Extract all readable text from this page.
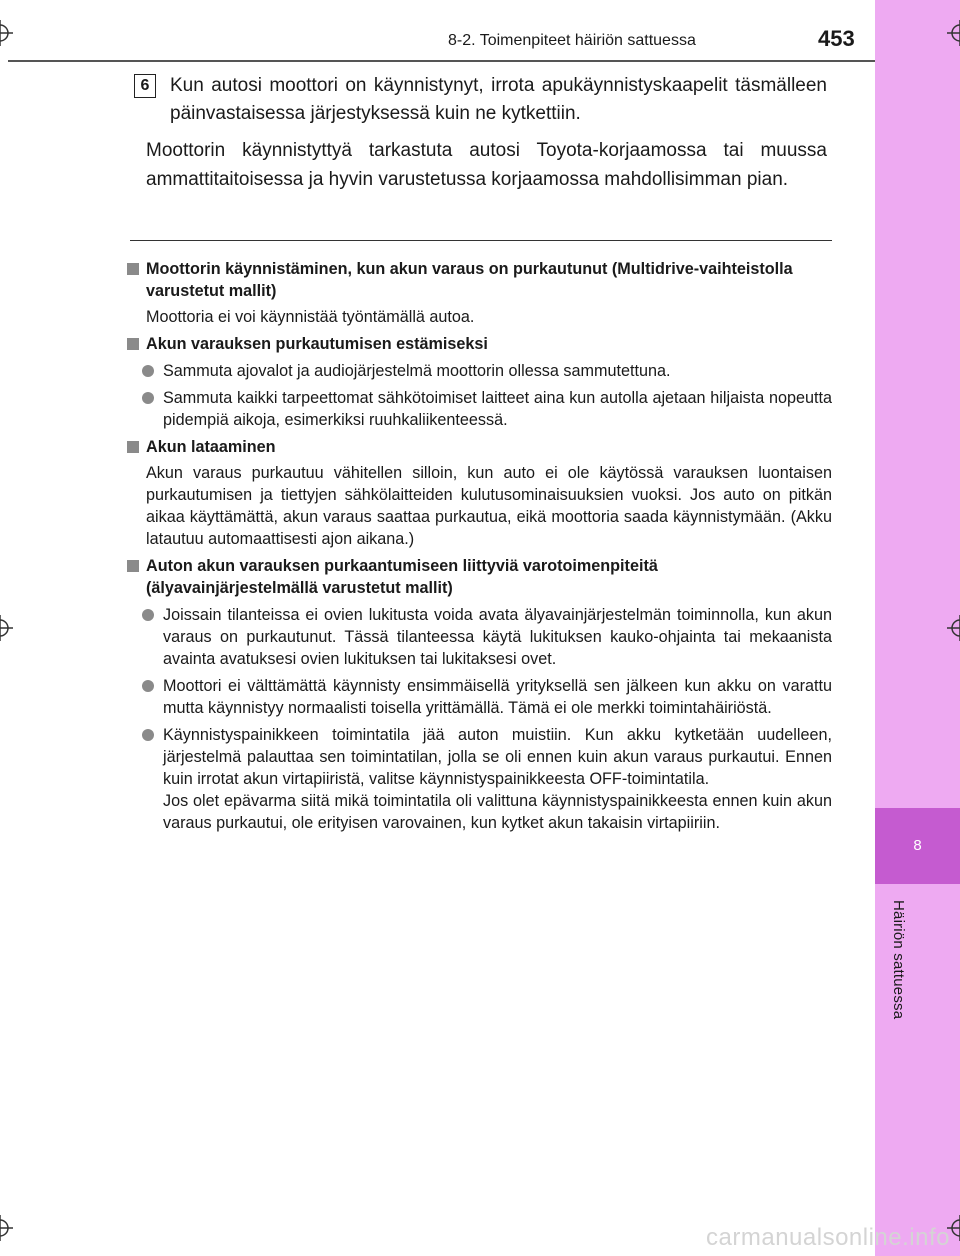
8
Häiriön sattuessa
8-2. Toimenpiteet häiriön sattuessa	453
6	Kun autosi moottori on käynnistynyt, irrota apukäynnistyskaapelit täsmälleen päinvastaisessa järjestyksessä kuin ne kytkettiin.
Moottorin käynnistyttyä tarkastuta autosi Toyota-korjaamossa tai muussa ammattitaitoisessa ja hyvin varustetussa korjaamossa mahdollisimman pian.
Moottorin käynnistäminen, kun akun varaus on purkautunut (Multidrive-vaihteistolla varustetut mallit)
Moottoria ei voi käynnistää työntämällä autoa.
Akun varauksen purkautumisen estämiseksi

Sammuta ajovalot ja audiojärjestelmä moottorin ollessa sammutettuna.

Sammuta kaikki tarpeettomat sähkötoimiset laitteet aina kun autolla ajetaan hiljaista nopeutta pidempiä aikoja, esimerkiksi ruuhkaliikenteessä.

Akun lataaminen
Akun varaus purkautuu vähitellen silloin, kun auto ei ole käytössä varauksen luontaisen purkautumisen ja tiettyjen sähkölaitteiden kulutusominaisuuksien vuoksi. Jos auto on pitkän aikaa käyttämättä, akun varaus saattaa purkautua, eikä moottoria saada käynnistymään. (Akku latautuu automaattisesti ajon aikana.)
Auton akun varauksen purkaantumiseen liittyviä varotoimenpiteitä (älyavainjärjestelmällä varustetut mallit)

Joissain tilanteissa ei ovien lukitusta voida avata älyavainjärjestelmän toiminnolla, kun akun varaus on purkautunut. Tässä tilanteessa käytä lukituksen kauko-ohjainta tai mekaanista avainta avatuksesi ovien lukituksen tai lukitaksesi ovet.

Moottori ei välttämättä käynnisty ensimmäisellä yrityksellä sen jälkeen kun akku on varattu mutta käynnistyy normaalisti toisella yrittämällä. Tämä ei ole merkki toimintahäiriöstä.

Käynnistyspainikkeen toimintatila jää auton muistiin. Kun akku kytketään uudelleen, järjestelmä palauttaa sen toimintatilan, jolla se oli ennen kuin akun varaus purkautui. Ennen kuin irrotat akun virtapiiristä, valitse käynnistyspainikkeesta OFF-toimintatila.

Jos olet epävarma siitä mikä toimintatila oli valittuna käynnistyspainikkeesta ennen kuin akun varaus purkautui, ole erityisen varovainen, kun kytket akun takaisin virtapiiriin.

carmanualsonline.info
